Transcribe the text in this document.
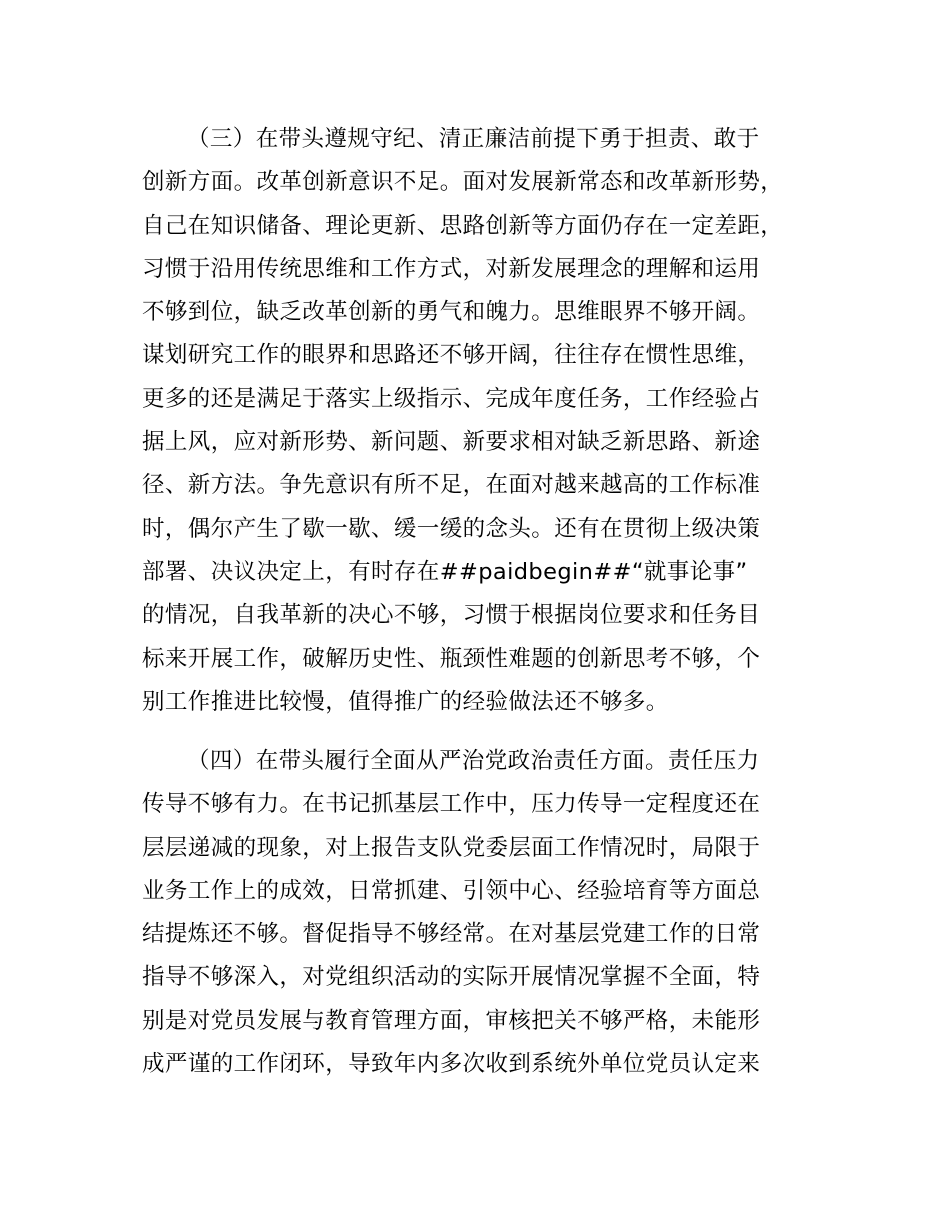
（三）在带头遵规守纪、清正廉洁前提下勇于担责、敢于
创新方面。改革创新意识不足。面对发展新常态和改革新形势，
自己在知识储备、理论更新、思路创新等方面仍存在一定差距，
习惯于沿用传统思维和工作方式，对新发展理念的理解和运用
不够到位，缺乏改革创新的勇气和魄力。思维眼界不够开阔。
谋划研究工作的眼界和思路还不够开阔，往往存在惯性思维，
更多的还是满足于落实上级指示、完成年度任务，工作经验占
据上风，应对新形势、新问题、新要求相对缺乏新思路、新途
径、新方法。争先意识有所不足，在面对越来越高的工作标准
时，偶尔产生了歇一歇、缓一缓的念头。还有在贯彻上级决策
部署、决议决定上，有时存在##paidbegin##“就事论事”
的情况，自我革新的决心不够，习惯于根据岗位要求和任务目
标来开展工作，破解历史性、瓶颈性难题的创新思考不够，个
别工作推进比较慢，值得推广的经验做法还不够多。
（四）在带头履行全面从严治党政治责任方面。责任压力
传导不够有力。在书记抓基层工作中，压力传导一定程度还在
层层递减的现象，对上报告支队党委层面工作情况时，局限于
业务工作上的成效，日常抓建、引领中心、经验培育等方面总
结提炼还不够。督促指导不够经常。在对基层党建工作的日常
指导不够深入，对党组织活动的实际开展情况掌握不全面，特
别是对党员发展与教育管理方面，审核把关不够严格，未能形
成严谨的工作闭环，导致年内多次收到系统外单位党员认定来
